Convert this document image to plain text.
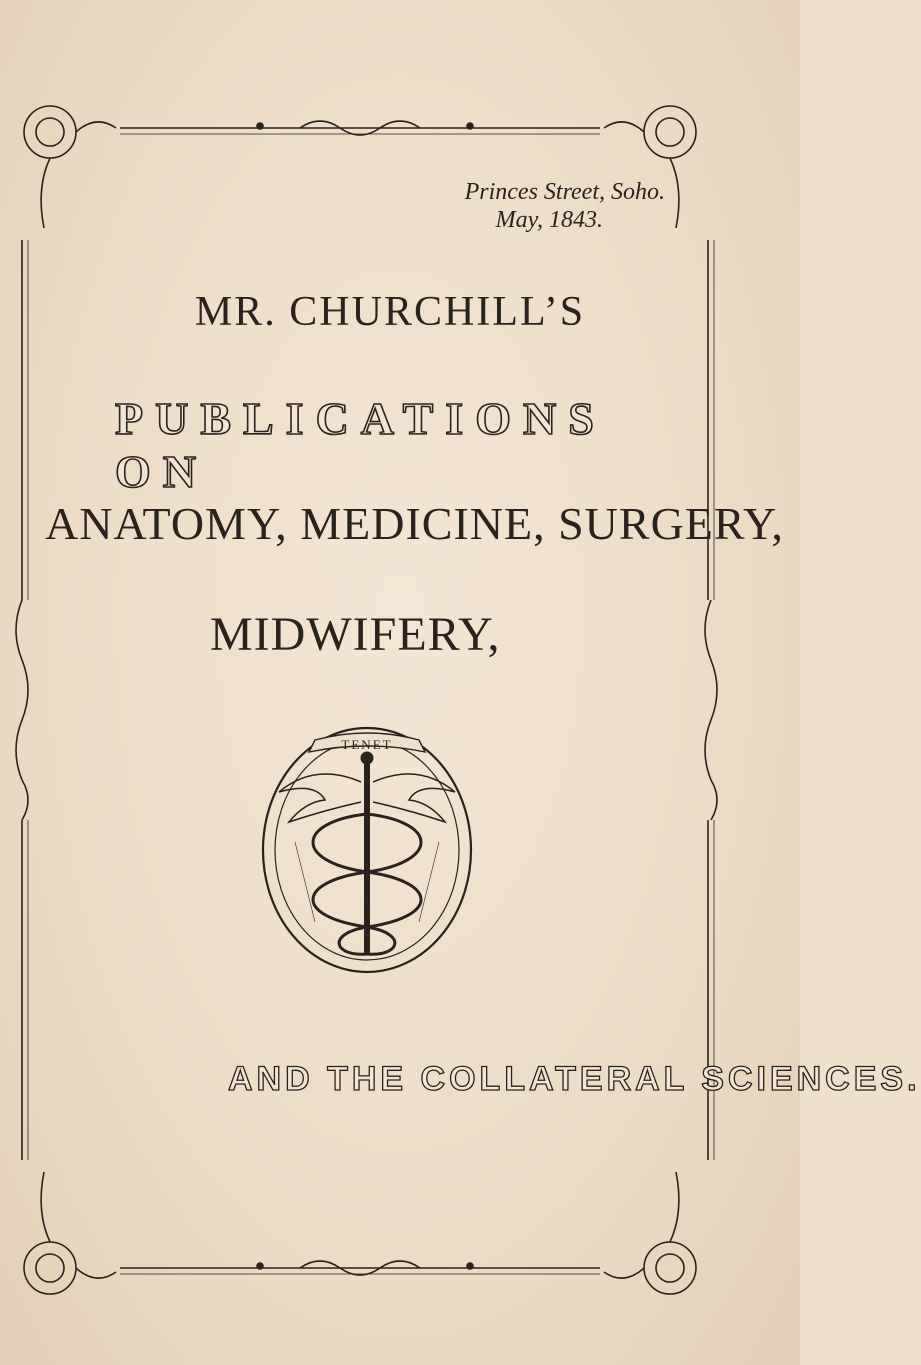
Princes Street, Soho.

May, 1843.
MR. CHURCHILL’S
PUBLICATIONS ON
ANATOMY, MEDICINE, SURGERY,
MIDWIFERY,
TENET
AND THE COLLATERAL SCIENCES.
